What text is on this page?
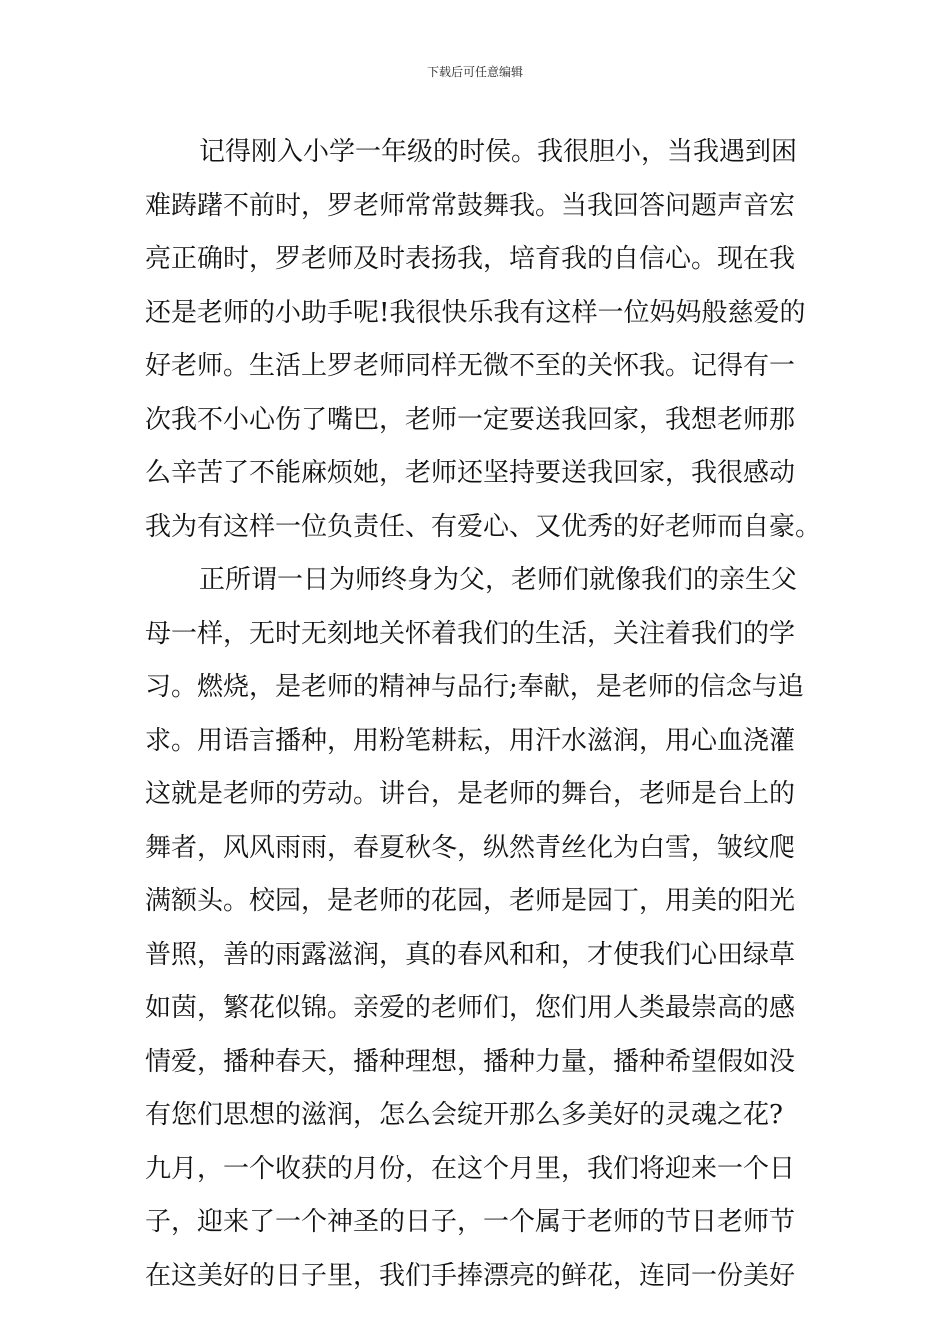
下载后可任意编辑
记得刚入小学一年级的时侯。我很胆小，当我遇到困
难踌躇不前时，罗老师常常鼓舞我。当我回答问题声音宏
亮正确时，罗老师及时表扬我，培育我的自信心。现在我
还是老师的小助手呢!我很快乐我有这样一位妈妈般慈爱的
好老师。生活上罗老师同样无微不至的关怀我。记得有一
次我不小心伤了嘴巴，老师一定要送我回家，我想老师那
么辛苦了不能麻烦她，老师还坚持要送我回家，我很感动
我为有这样一位负责任、有爱心、又优秀的好老师而自豪。
正所谓一日为师终身为父，老师们就像我们的亲生父
母一样，无时无刻地关怀着我们的生活，关注着我们的学
习。燃烧，是老师的精神与品行;奉献，是老师的信念与追
求。用语言播种，用粉笔耕耘，用汗水滋润，用心血浇灌
这就是老师的劳动。讲台，是老师的舞台，老师是台上的
舞者，风风雨雨，春夏秋冬，纵然青丝化为白雪，皱纹爬
满额头。校园，是老师的花园，老师是园丁，用美的阳光
普照，善的雨露滋润，真的春风和和，才使我们心田绿草
如茵，繁花似锦。亲爱的老师们，您们用人类最崇高的感
情爱，播种春天，播种理想，播种力量，播种希望假如没
有您们思想的滋润，怎么会绽开那么多美好的灵魂之花?
九月，一个收获的月份，在这个月里，我们将迎来一个日
子，迎来了一个神圣的日子，一个属于老师的节日老师节
在这美好的日子里，我们手捧漂亮的鲜花，连同一份美好
